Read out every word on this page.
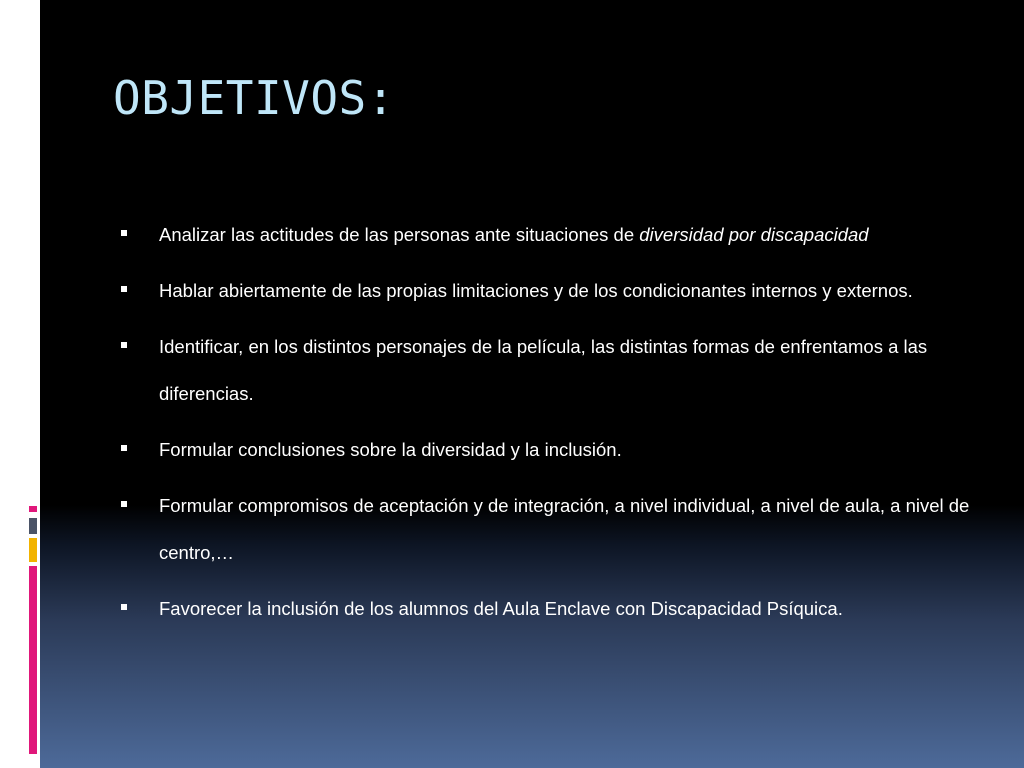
OBJETIVOS:
Analizar las actitudes de las personas ante situaciones de diversidad por discapacidad
Hablar abiertamente de las propias limitaciones y de los condicionantes internos y externos.
Identificar, en los distintos personajes de la película, las distintas formas de enfrentamos a las diferencias.
Formular conclusiones sobre la diversidad y la inclusión.
Formular compromisos de aceptación y de integración, a nivel individual, a nivel de aula, a nivel de centro,…
Favorecer la inclusión de los alumnos del Aula Enclave con Discapacidad Psíquica.
